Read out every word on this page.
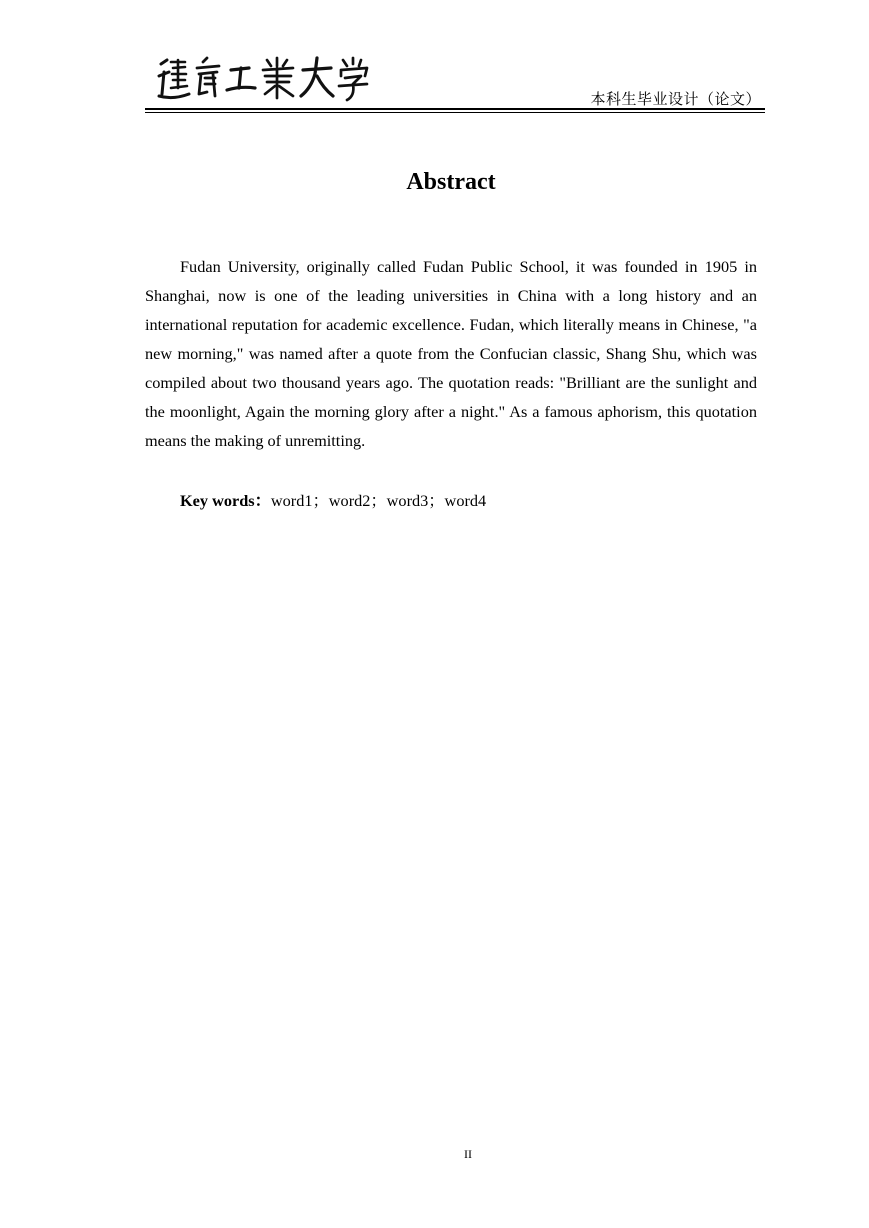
本科生毕业设计（论文）
Abstract

Fudan University, originally called Fudan Public School, it was founded in 1905 in Shanghai, now is one of the leading universities in China with a long history and an international reputation for academic excellence. Fudan, which literally means in Chinese, "a new morning," was named after a quote from the Confucian classic, Shang Shu, which was compiled about two thousand years ago. The quotation reads: "Brilliant are the sunlight and the moonlight, Again the morning glory after a night." As a famous aphorism, this quotation means the making of unremitting.

Key words：word1；word2；word3；word4
II
